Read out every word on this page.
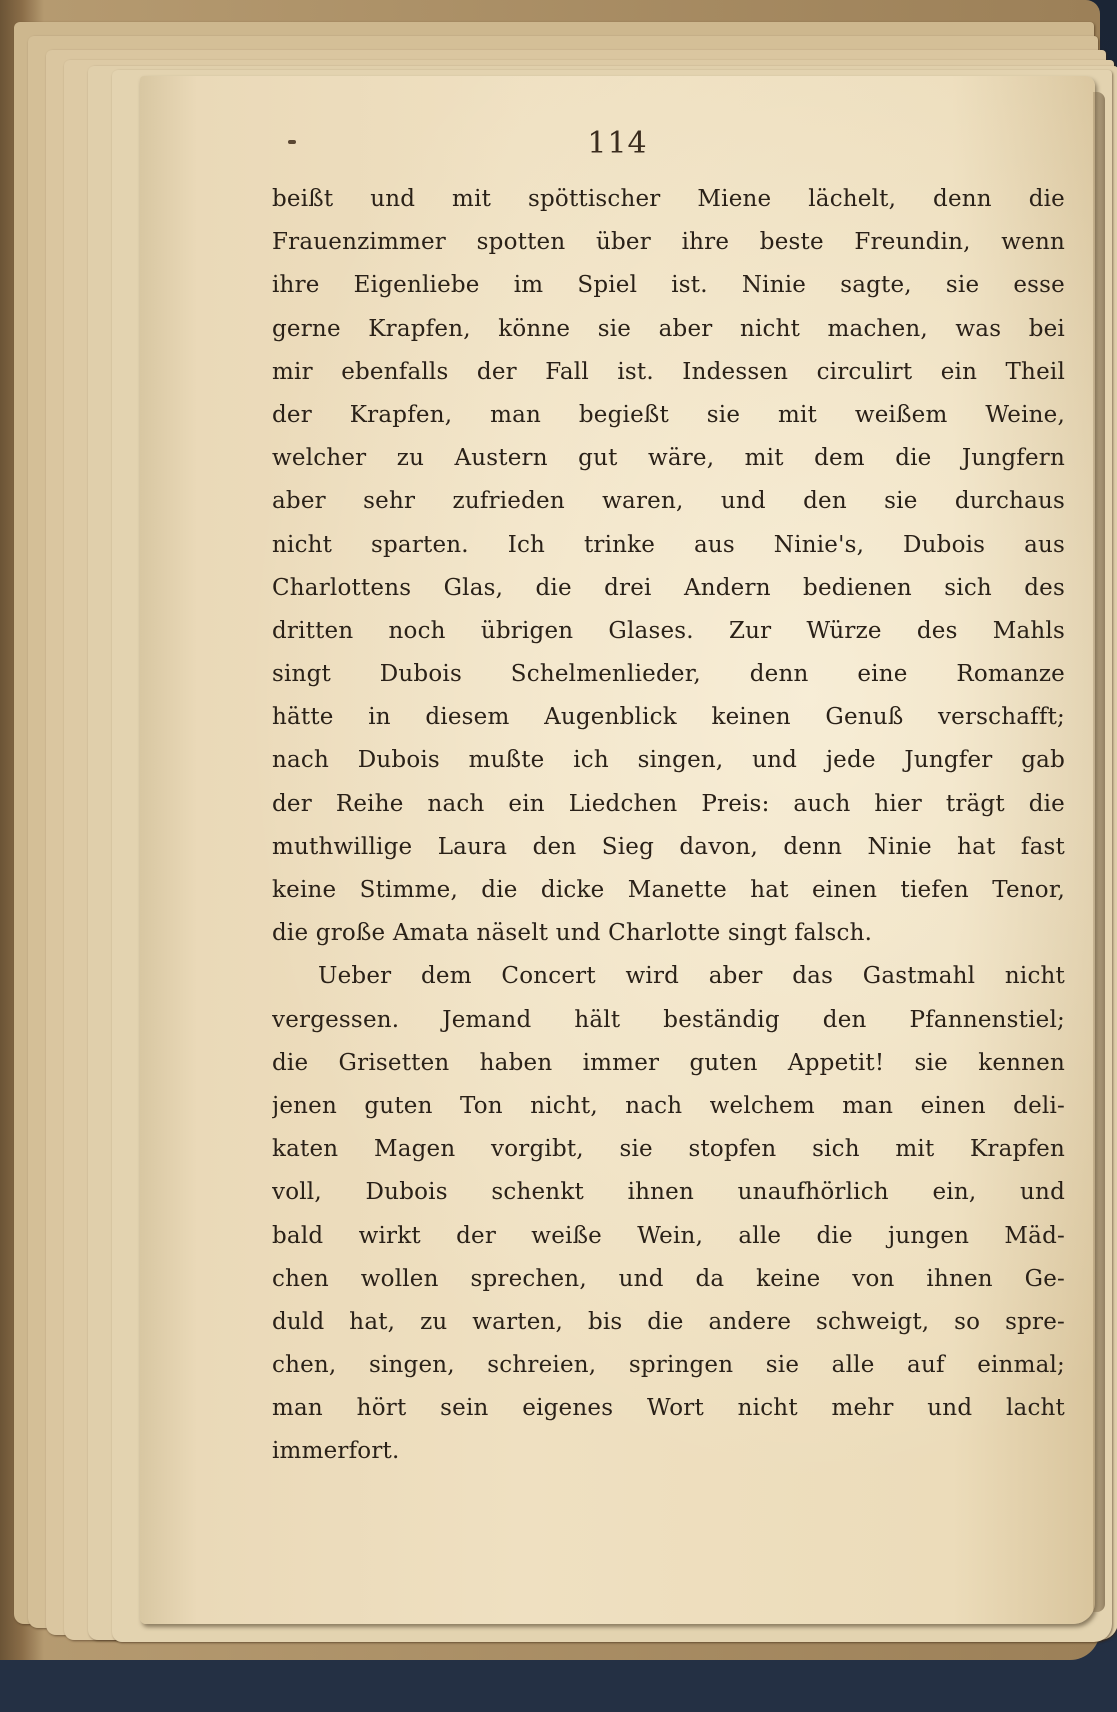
114
beißt und mit spöttischer Miene lächelt, denn die
Frauenzimmer spotten über ihre beste Freundin, wenn
ihre Eigenliebe im Spiel ist. Ninie sagte, sie esse
gerne Krapfen, könne sie aber nicht machen, was bei
mir ebenfalls der Fall ist. Indessen circulirt ein Theil
der Krapfen, man begießt sie mit weißem Weine,
welcher zu Austern gut wäre, mit dem die Jungfern
aber sehr zufrieden waren, und den sie durchaus
nicht sparten. Ich trinke aus Ninie's, Dubois aus
Charlottens Glas, die drei Andern bedienen sich des
dritten noch übrigen Glases. Zur Würze des Mahls
singt Dubois Schelmenlieder, denn eine Romanze
hätte in diesem Augenblick keinen Genuß verschafft;
nach Dubois mußte ich singen, und jede Jungfer gab
der Reihe nach ein Liedchen Preis: auch hier trägt die
muthwillige Laura den Sieg davon, denn Ninie hat fast
keine Stimme, die dicke Manette hat einen tiefen Tenor,
die große Amata näselt und Charlotte singt falsch.
Ueber dem Concert wird aber das Gastmahl nicht
vergessen. Jemand hält beständig den Pfannenstiel;
die Grisetten haben immer guten Appetit! sie kennen
jenen guten Ton nicht, nach welchem man einen deli-
katen Magen vorgibt, sie stopfen sich mit Krapfen
voll, Dubois schenkt ihnen unaufhörlich ein, und
bald wirkt der weiße Wein, alle die jungen Mäd-
chen wollen sprechen, und da keine von ihnen Ge-
duld hat, zu warten, bis die andere schweigt, so spre-
chen, singen, schreien, springen sie alle auf einmal;
man hört sein eigenes Wort nicht mehr und lacht
immerfort.
